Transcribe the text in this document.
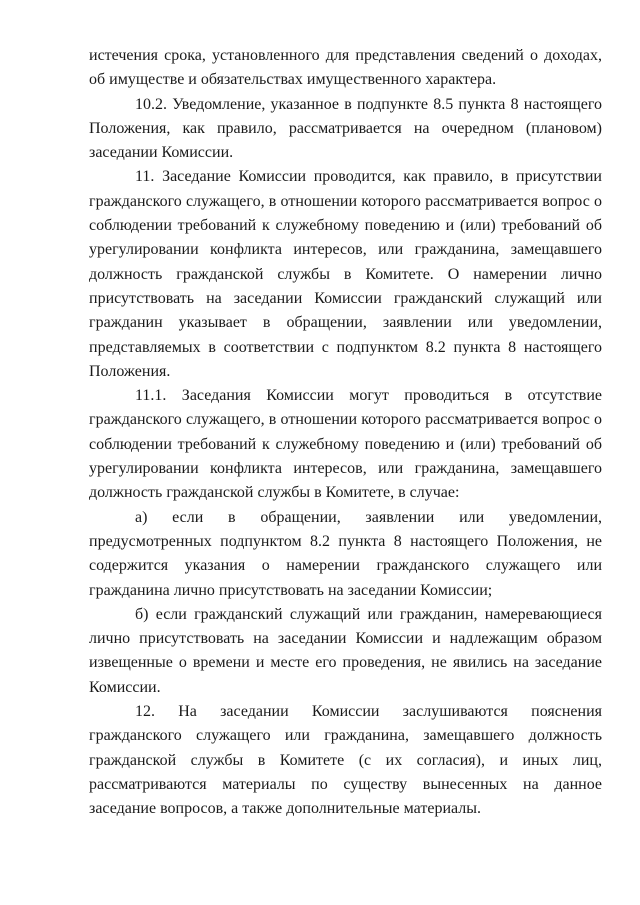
истечения срока, установленного для представления сведений о доходах, об имуществе и обязательствах имущественного характера.

10.2. Уведомление, указанное в подпункте 8.5 пункта 8 настоящего Положения, как правило, рассматривается на очередном (плановом) заседании Комиссии.

11. Заседание Комиссии проводится, как правило, в присутствии гражданского служащего, в отношении которого рассматривается вопрос о соблюдении требований к служебному поведению и (или) требований об урегулировании конфликта интересов, или гражданина, замещавшего должность гражданской службы в Комитете. О намерении лично присутствовать на заседании Комиссии гражданский служащий или гражданин указывает в обращении, заявлении или уведомлении, представляемых в соответствии с подпунктом 8.2 пункта 8 настоящего Положения.

11.1. Заседания Комиссии могут проводиться в отсутствие гражданского служащего, в отношении которого рассматривается вопрос о соблюдении требований к служебному поведению и (или) требований об урегулировании конфликта интересов, или гражданина, замещавшего должность гражданской службы в Комитете, в случае:

а) если в обращении, заявлении или уведомлении, предусмотренных подпунктом 8.2 пункта 8 настоящего Положения, не содержится указания о намерении гражданского служащего или гражданина лично присутствовать на заседании Комиссии;

б) если гражданский служащий или гражданин, намеревающиеся лично присутствовать на заседании Комиссии и надлежащим образом извещенные о времени и месте его проведения, не явились на заседание Комиссии.

12. На заседании Комиссии заслушиваются пояснения гражданского служащего или гражданина, замещавшего должность гражданской службы в Комитете (с их согласия), и иных лиц, рассматриваются материалы по существу вынесенных на данное заседание вопросов, а также дополнительные материалы.
